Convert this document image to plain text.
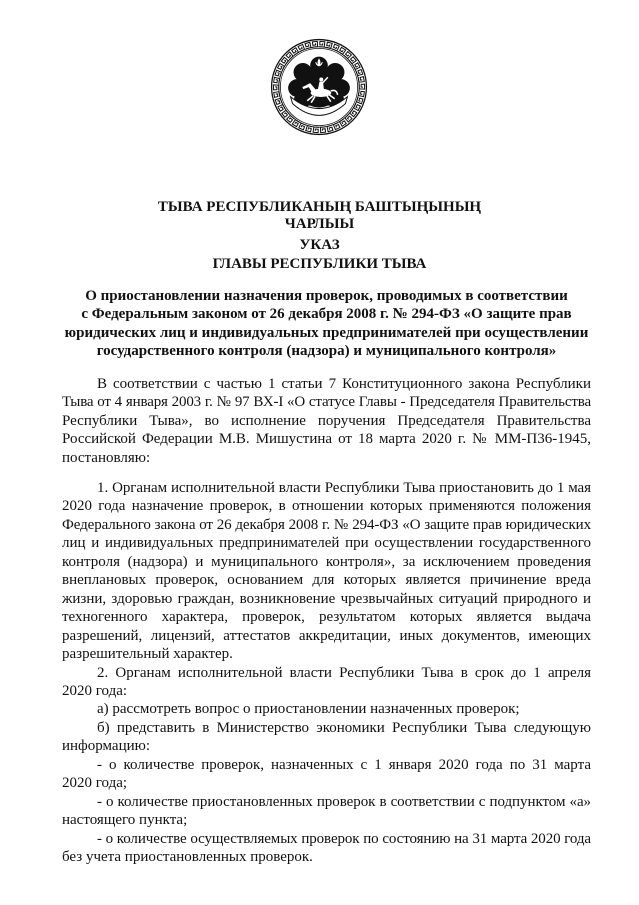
ТЫВА РЕСПУБЛИКАНЫҢ БАШТЫҢЫНЫҢ
ЧАРЛЫЫ
УКАЗ
ГЛАВЫ РЕСПУБЛИКИ ТЫВА
О приостановлении назначения проверок, проводимых в соответствии
с Федеральным законом от 26 декабря 2008 г. № 294-ФЗ «О защите прав
юридических лиц и индивидуальных предпринимателей при осуществлении
государственного контроля (надзора) и муниципального контроля»
В соответствии с частью 1 статьи 7 Конституционного закона Республики
Тыва от 4 января 2003 г. № 97 ВХ-I «О статусе Главы - Председателя Правительства
Республики Тыва», во исполнение поручения Председателя Правительства
Российской Федерации М.В. Мишустина от 18 марта 2020 г. № ММ-П36-1945,
постановляю:
1. Органам исполнительной власти Республики Тыва приостановить до 1 мая
2020 года назначение проверок, в отношении которых применяются положения
Федерального закона от 26 декабря 2008 г. № 294-ФЗ «О защите прав юридических
лиц и индивидуальных предпринимателей при осуществлении государственного
контроля (надзора) и муниципального контроля», за исключением проведения
внеплановых проверок, основанием для которых является причинение вреда
жизни, здоровью граждан, возникновение чрезвычайных ситуаций природного и
техногенного характера, проверок, результатом которых является выдача
разрешений, лицензий, аттестатов аккредитации, иных документов, имеющих
разрешительный характер.
2. Органам исполнительной власти Республики Тыва в срок до 1 апреля
2020 года:
а) рассмотреть вопрос о приостановлении назначенных проверок;
б) представить в Министерство экономики Республики Тыва следующую
информацию:
- о количестве проверок, назначенных с 1 января 2020 года по 31 марта
2020 года;
- о количестве приостановленных проверок в соответствии с подпунктом «а»
настоящего пункта;
- о количестве осуществляемых проверок по состоянию на 31 марта 2020 года
без учета приостановленных проверок.
